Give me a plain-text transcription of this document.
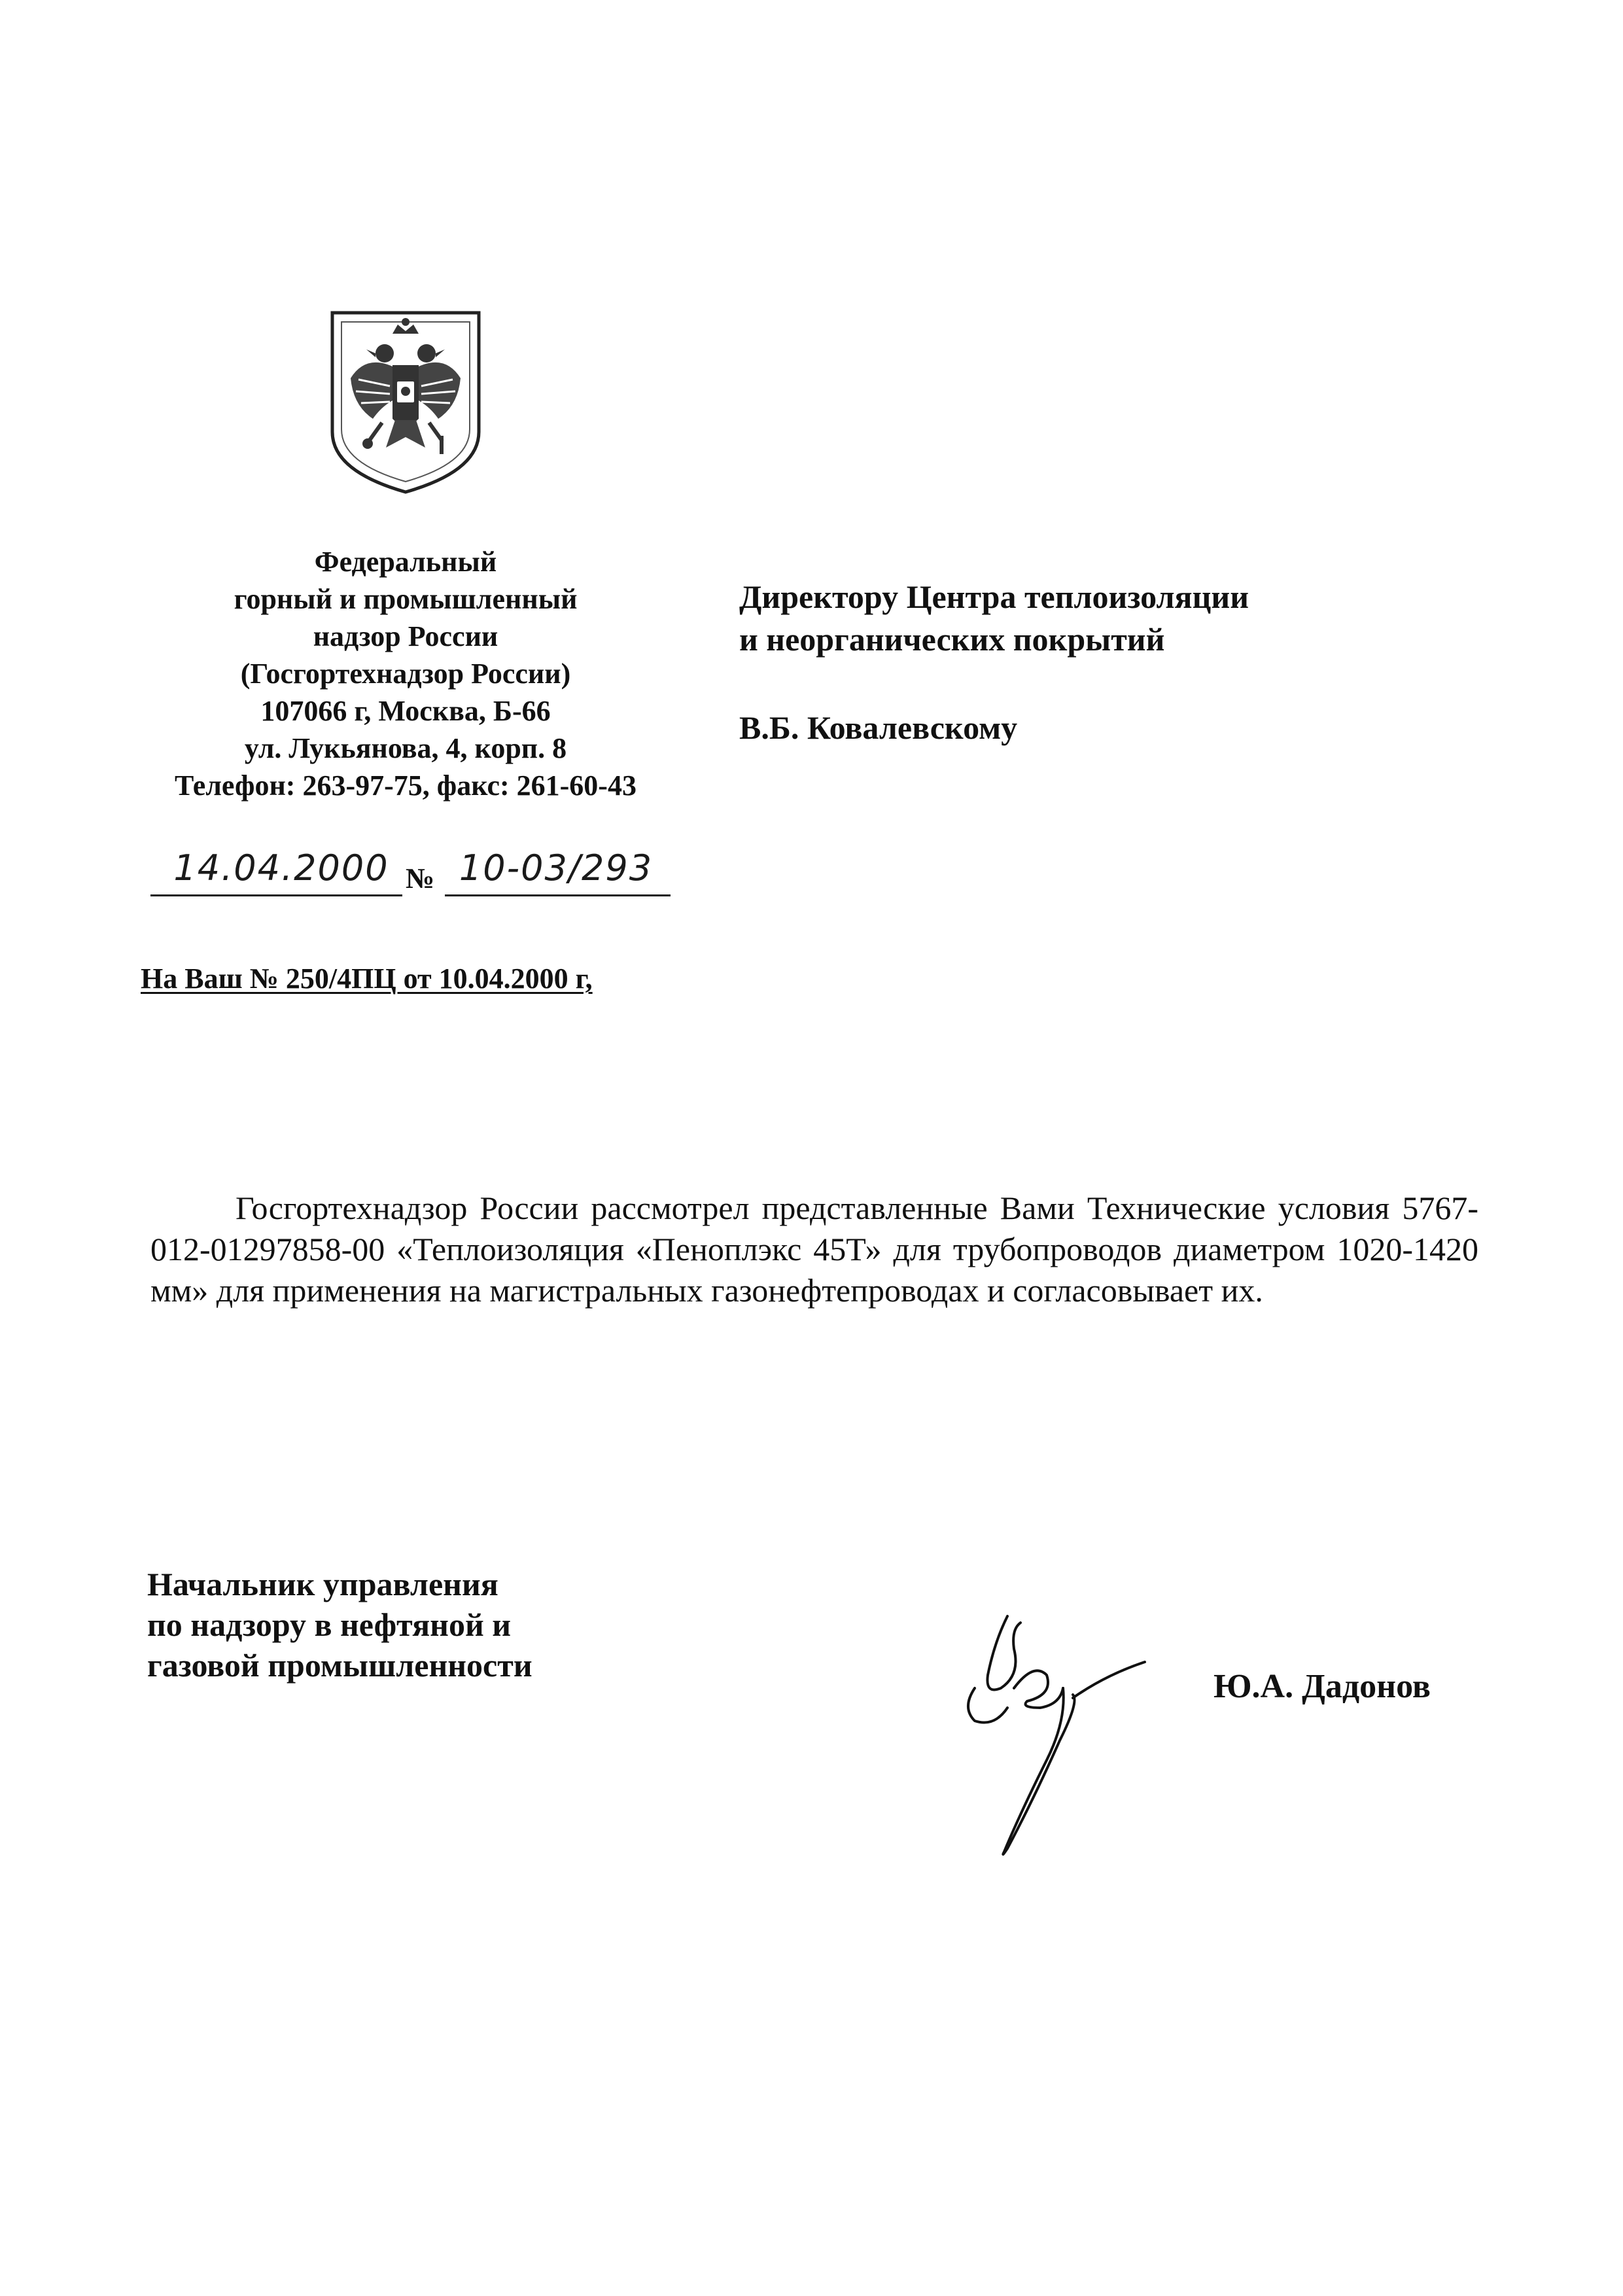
Федеральный
горный и промышленный
надзор России
(Госгортехнадзор России)
107066 г, Москва, Б-66
ул. Лукьянова, 4, корп. 8
Телефон: 263-97-75, факс: 261-60-43
Директору Центра теплоизоляции
и неорганических покрытий
В.Б. Ковалевскому
14.04.2000 № 10-03/293
На Ваш № 250/4ПЦ от 10.04.2000 г,

Госгортехнадзор России рассмотрел представленные Вами Технические условия 5767-012-01297858-00 «Теплоизоляция «Пеноплэкс 45Т» для трубопроводов диаметром 1020-1420 мм» для применения на магистральных газонефтепроводах и согласовывает их.

Начальник управления
по надзору в нефтяной и
газовой промышленности
Ю.А. Дадонов
